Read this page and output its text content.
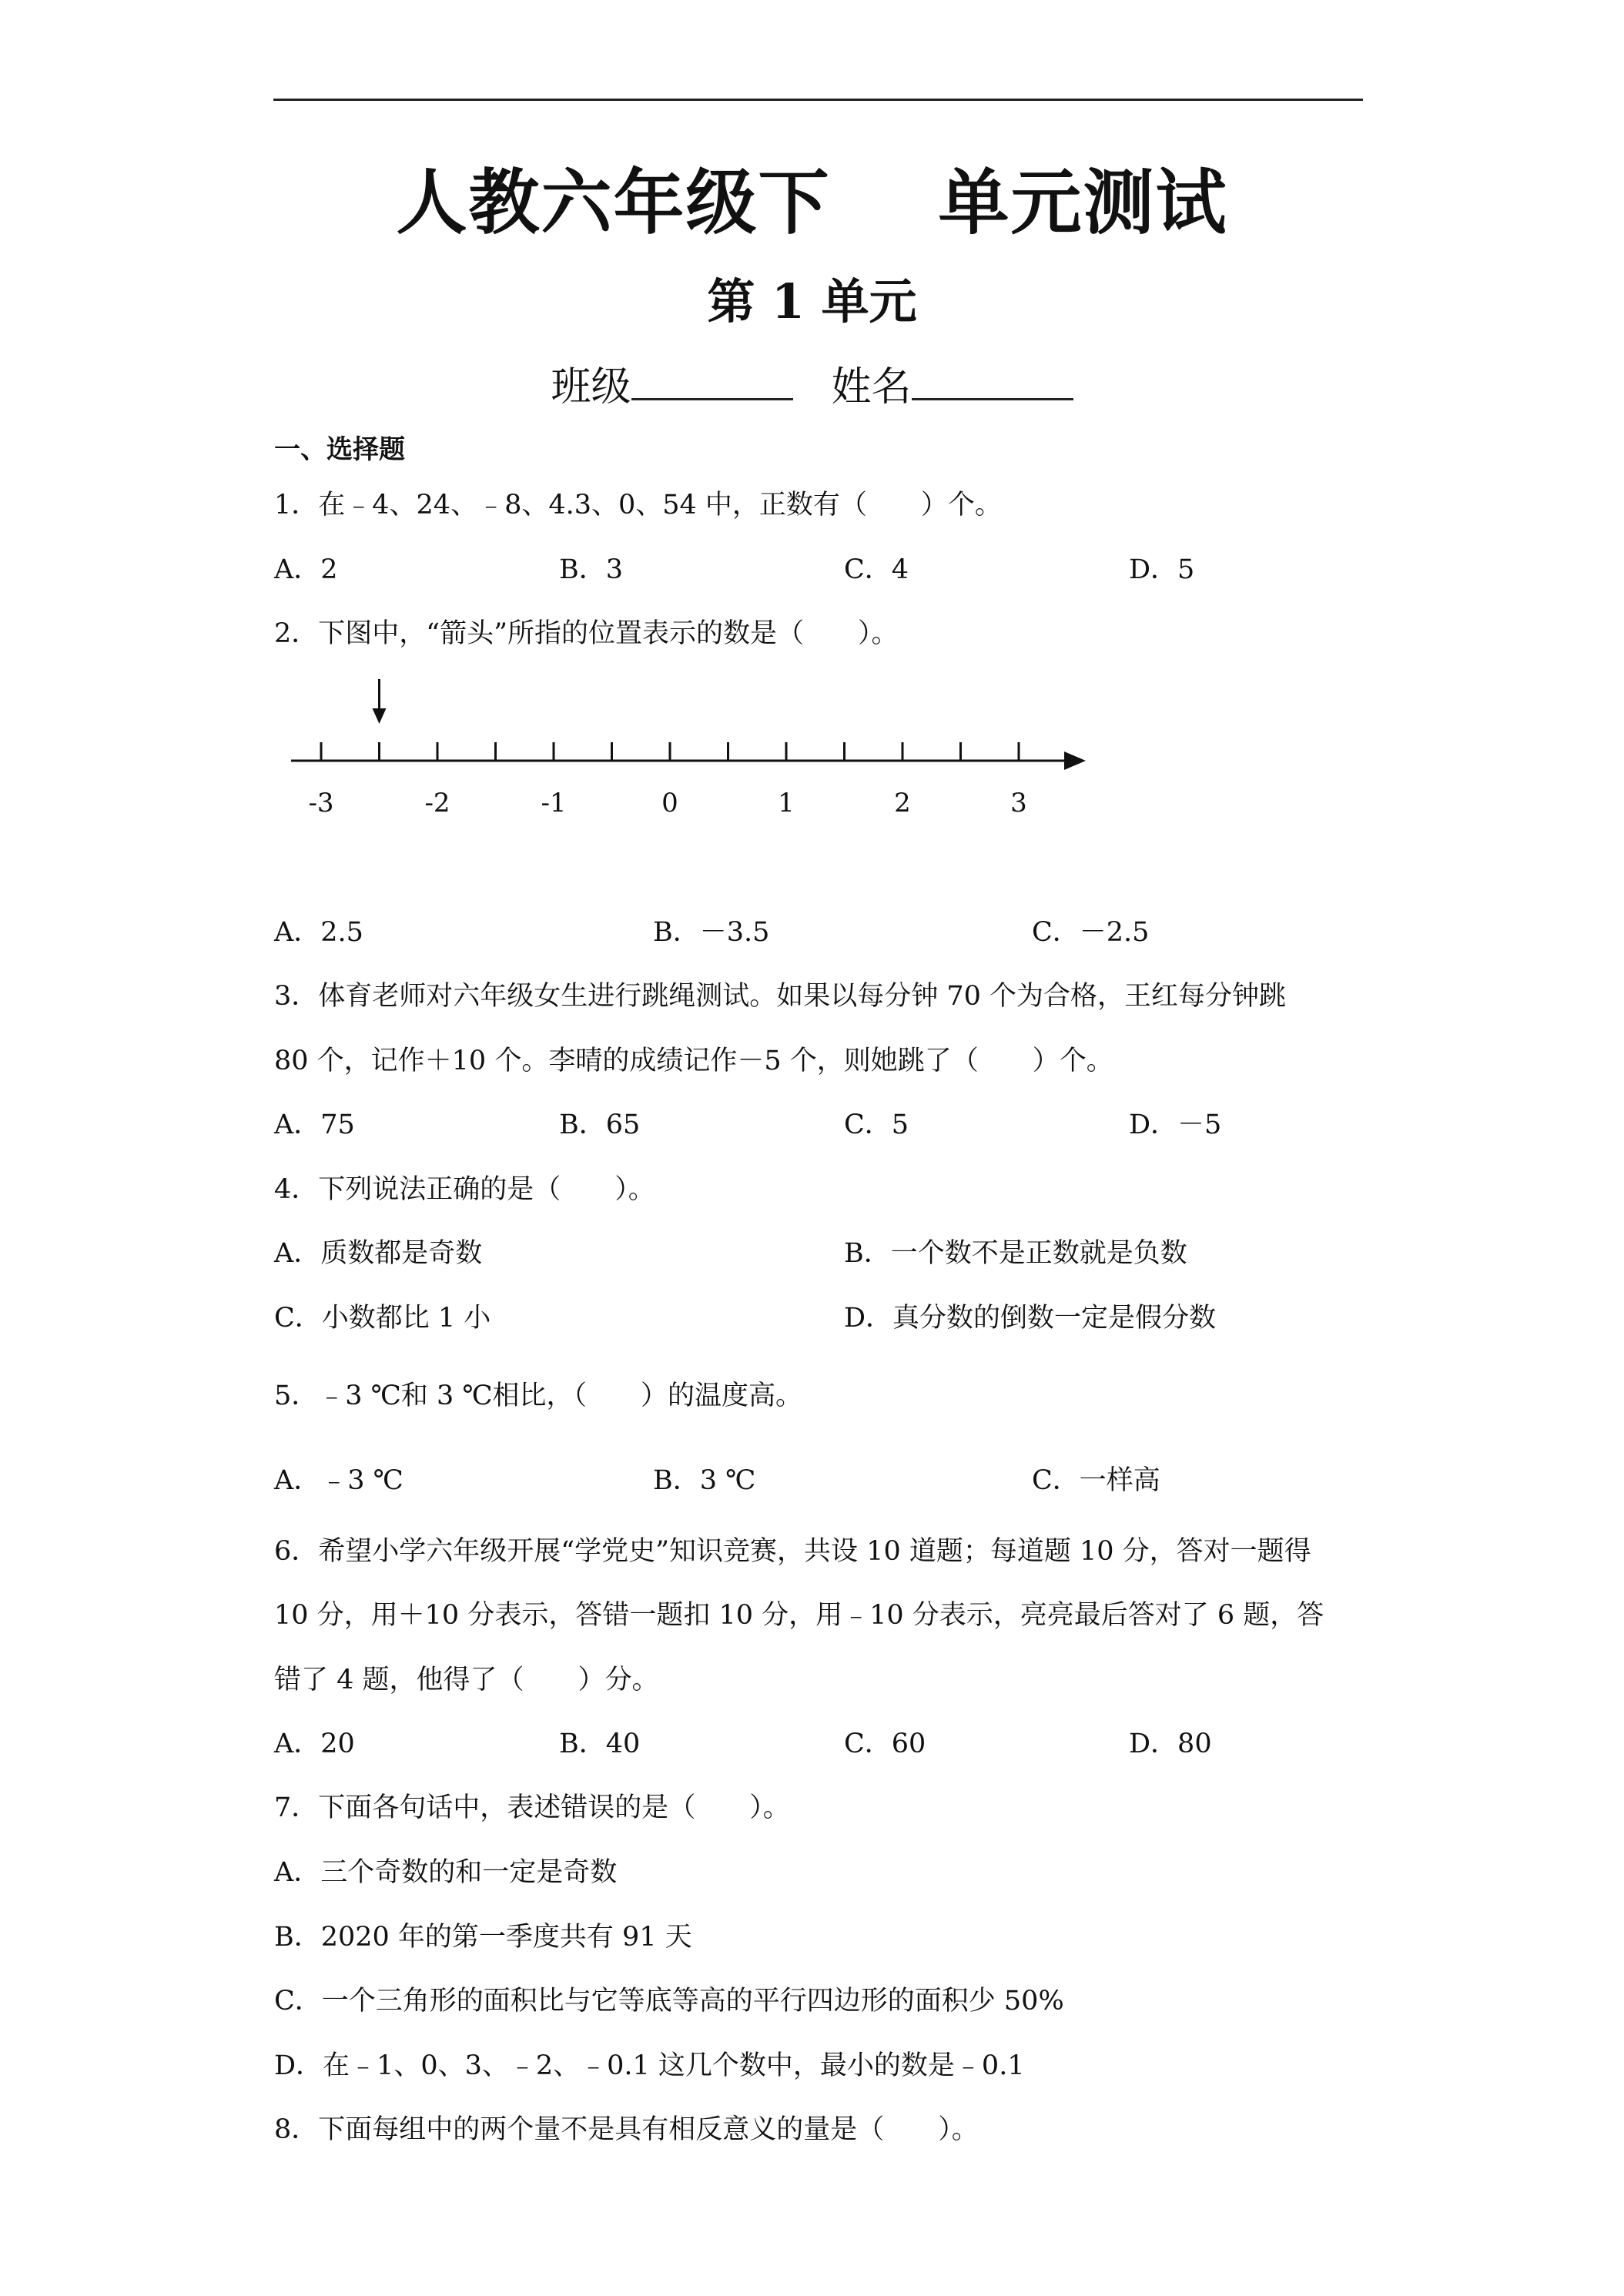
人教六年级下 单元测试
第 1 单元
班级	姓名
一、选择题
1．在﹣4、24、﹣8、4.3、0、54 中，正数有（　　）个。
A．2	B．3	C．4	D．5
2．下图中，“箭头”所指的位置表示的数是（　　）。
-3	-2	-1	0	1	2	3
A．2.5	B．－3.5	C．－2.5
3．体育老师对六年级女生进行跳绳测试。如果以每分钟 70 个为合格，王红每分钟跳
80 个，记作＋10 个。李晴的成绩记作－5 个，则她跳了（　　）个。
A．75	B．65	C．5	D．－5
4．下列说法正确的是（　　）。
A．质数都是奇数	B．一个数不是正数就是负数
C．小数都比 1 小	D．真分数的倒数一定是假分数
5．﹣3 ℃和 3 ℃相比，（　　）的温度高。
A．﹣3 ℃	B．3 ℃	C．一样高
6．希望小学六年级开展“学党史”知识竞赛，共设 10 道题；每道题 10 分，答对一题得
10 分，用＋10 分表示，答错一题扣 10 分，用﹣10 分表示，亮亮最后答对了 6 题，答
错了 4 题，他得了（　　）分。
A．20	B．40	C．60	D．80
7．下面各句话中，表述错误的是（　　）。
A．三个奇数的和一定是奇数
B．2020 年的第一季度共有 91 天
C．一个三角形的面积比与它等底等高的平行四边形的面积少 50%
D．在﹣1、0、3、﹣2、﹣0.1 这几个数中，最小的数是﹣0.1
8．下面每组中的两个量不是具有相反意义的量是（　　）。
